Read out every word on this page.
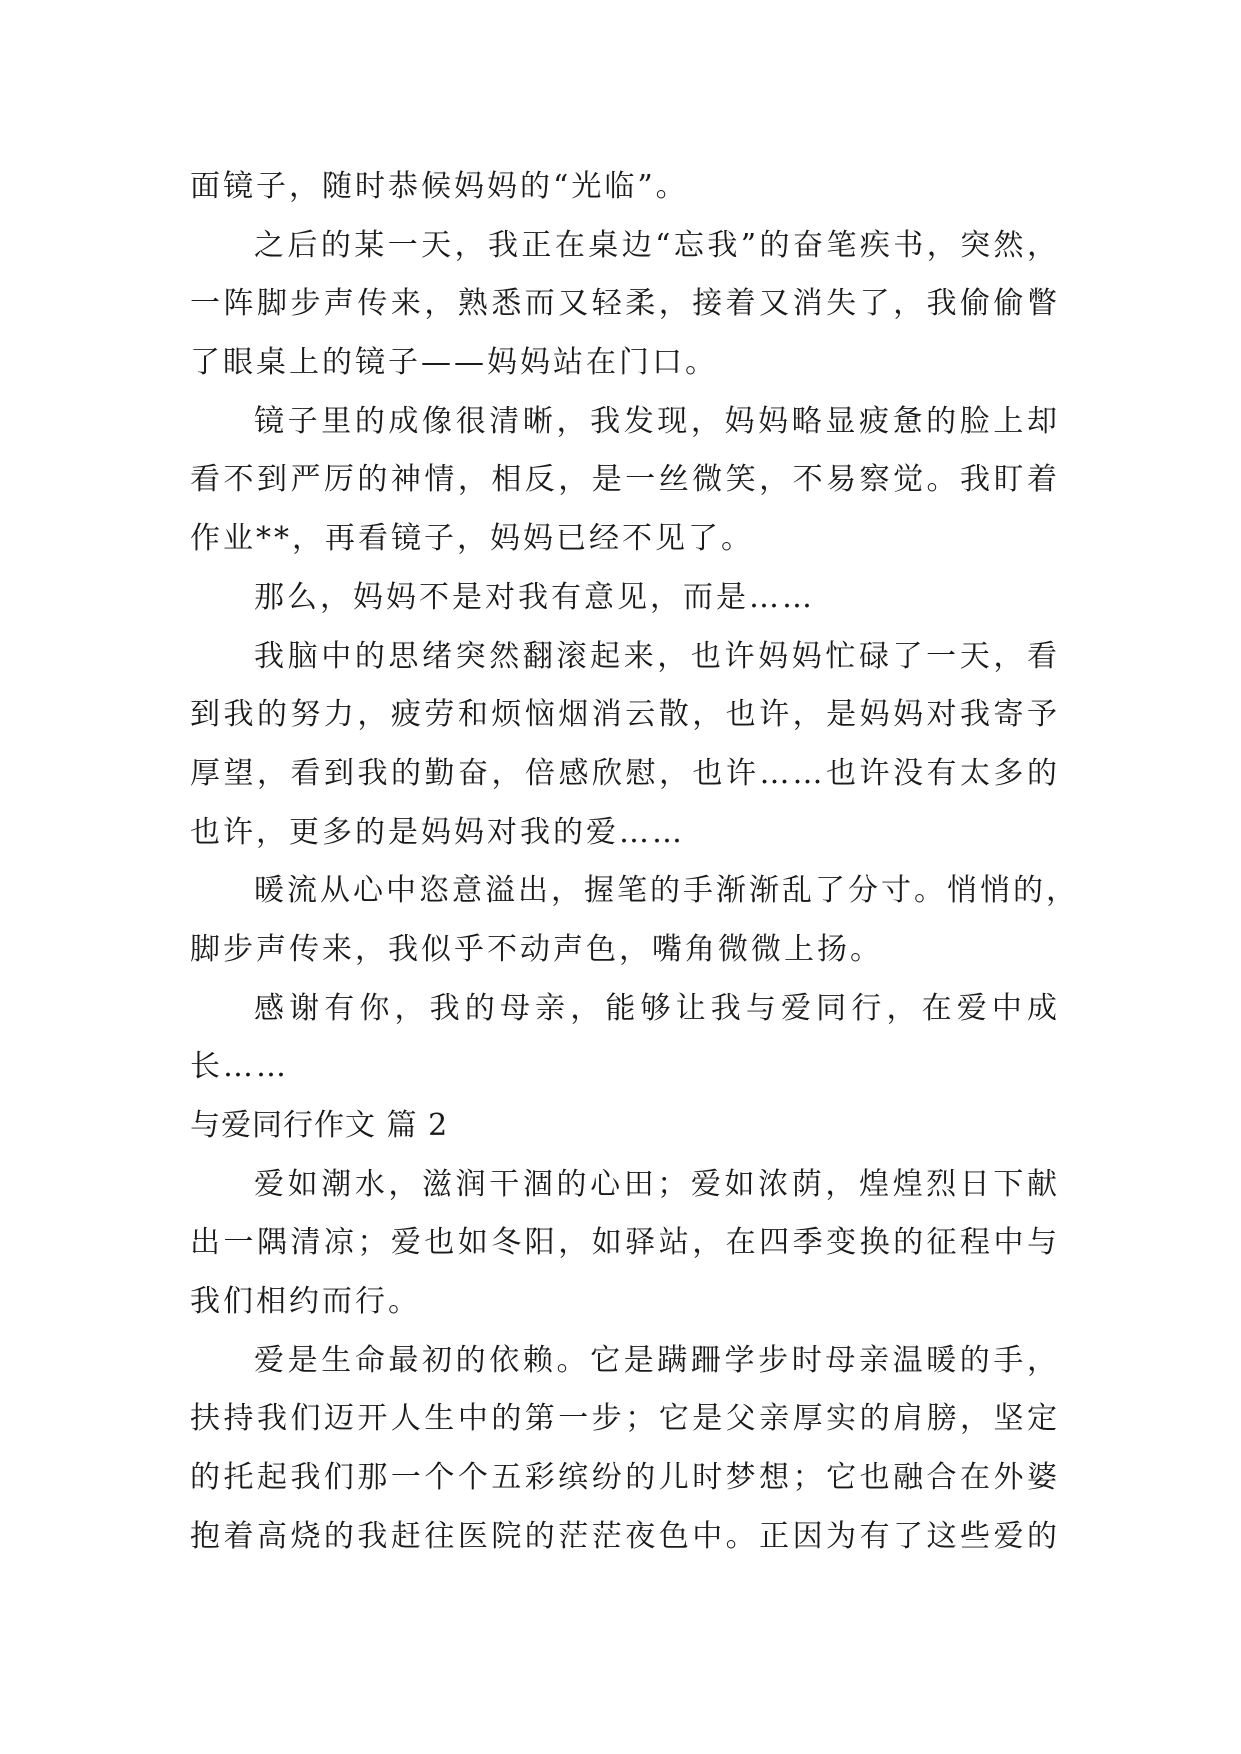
面镜子，随时恭候妈妈的“光临”。
之后的某一天，我正在桌边“忘我”的奋笔疾书，突然，
一阵脚步声传来，熟悉而又轻柔，接着又消失了，我偷偷瞥
了眼桌上的镜子——妈妈站在门口。
镜子里的成像很清晰，我发现，妈妈略显疲惫的脸上却
看不到严厉的神情，相反，是一丝微笑，不易察觉。我盯着
作业**，再看镜子，妈妈已经不见了。
那么，妈妈不是对我有意见，而是……
我脑中的思绪突然翻滚起来，也许妈妈忙碌了一天，看
到我的努力，疲劳和烦恼烟消云散，也许，是妈妈对我寄予
厚望，看到我的勤奋，倍感欣慰，也许……也许没有太多的
也许，更多的是妈妈对我的爱……
暖流从心中恣意溢出，握笔的手渐渐乱了分寸。悄悄的，
脚步声传来，我似乎不动声色，嘴角微微上扬。
感谢有你，我的母亲，能够让我与爱同行，在爱中成
长……
与爱同行作文 篇 2
爱如潮水，滋润干涸的心田；爱如浓荫，煌煌烈日下献
出一隅清凉；爱也如冬阳，如驿站，在四季变换的征程中与
我们相约而行。
爱是生命最初的依赖。它是蹒跚学步时母亲温暖的手，
扶持我们迈开人生中的第一步；它是父亲厚实的肩膀，坚定
的托起我们那一个个五彩缤纷的儿时梦想；它也融合在外婆
抱着高烧的我赶往医院的茫茫夜色中。正因为有了这些爱的
